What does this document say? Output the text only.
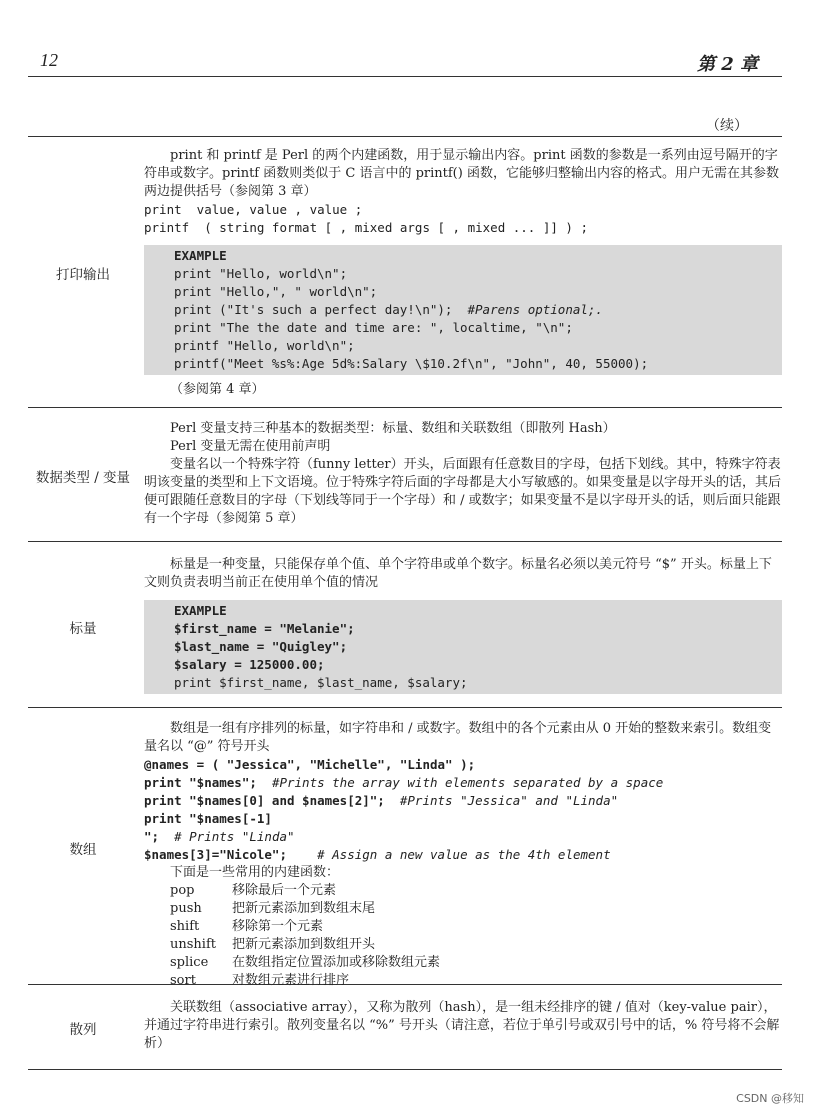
12	第 2 章
（续）
打印输出

print 和 printf 是 Perl 的两个内建函数，用于显示输出内容。print 函数的参数是一系列由逗号隔开的字符串或数字。printf 函数则类似于 C 语言中的 printf() 函数，它能够归整输出内容的格式。用户无需在其参数两边提供括号（参阅第 3 章）

print  value, value , value ;

printf  ( string format [ , mixed args [ , mixed ... ]] ) ;

EXAMPLE

print "Hello, world\n";

print "Hello,", " world\n";

print ("It's such a perfect day!\n");  #Parens optional;.

print "The the date and time are: ", localtime, "\n";

printf "Hello, world\n";

printf("Meet %s%:Age 5d%:Salary \$10.2f\n", "John", 40, 55000);

（参阅第 4 章）

数据类型 / 变量

Perl 变量支持三种基本的数据类型：标量、数组和关联数组（即散列 Hash）

Perl 变量无需在使用前声明

变量名以一个特殊字符（funny letter）开头，后面跟有任意数目的字母，包括下划线。其中，特殊字符表明该变量的类型和上下文语境。位于特殊字符后面的字母都是大小写敏感的。如果变量是以字母开头的话，其后便可跟随任意数目的字母（下划线等同于一个字母）和 / 或数字；如果变量不是以字母开头的话，则后面只能跟有一个字母（参阅第 5 章）

标量

标量是一种变量，只能保存单个值、单个字符串或单个数字。标量名必须以美元符号 “$” 开头。标量上下文则负责表明当前正在使用单个值的情况

EXAMPLE

$first_name = "Melanie";

$last_name = "Quigley";

$salary = 125000.00;

print $first_name, $last_name, $salary;

数组

数组是一组有序排列的标量，如字符串和 / 或数字。数组中的各个元素由从 0 开始的整数来索引。数组变量名以 “@” 符号开头

@names = ( "Jessica", "Michelle", "Linda" );

print "$names";  #Prints the array with elements separated by a space

print "$names[0] and $names[2]";  #Prints "Jessica" and "Linda"

print "$names[-1]
";  # Prints "Linda"

$names[3]="Nicole";    # Assign a new value as the 4th element

下面是一些常用的内建函数：

pop	移除最后一个元素
push	把新元素添加到数组末尾
shift	移除第一个元素
unshift	把新元素添加到数组开头
splice	在数组指定位置添加或移除数组元素
sort	对数组元素进行排序
散列

关联数组（associative array），又称为散列（hash），是一组未经排序的键 / 值对（key-value pair），并通过字符串进行索引。散列变量名以 “%” 号开头（请注意，若位于单引号或双引号中的话，% 符号将不会解析）

CSDN @移知
